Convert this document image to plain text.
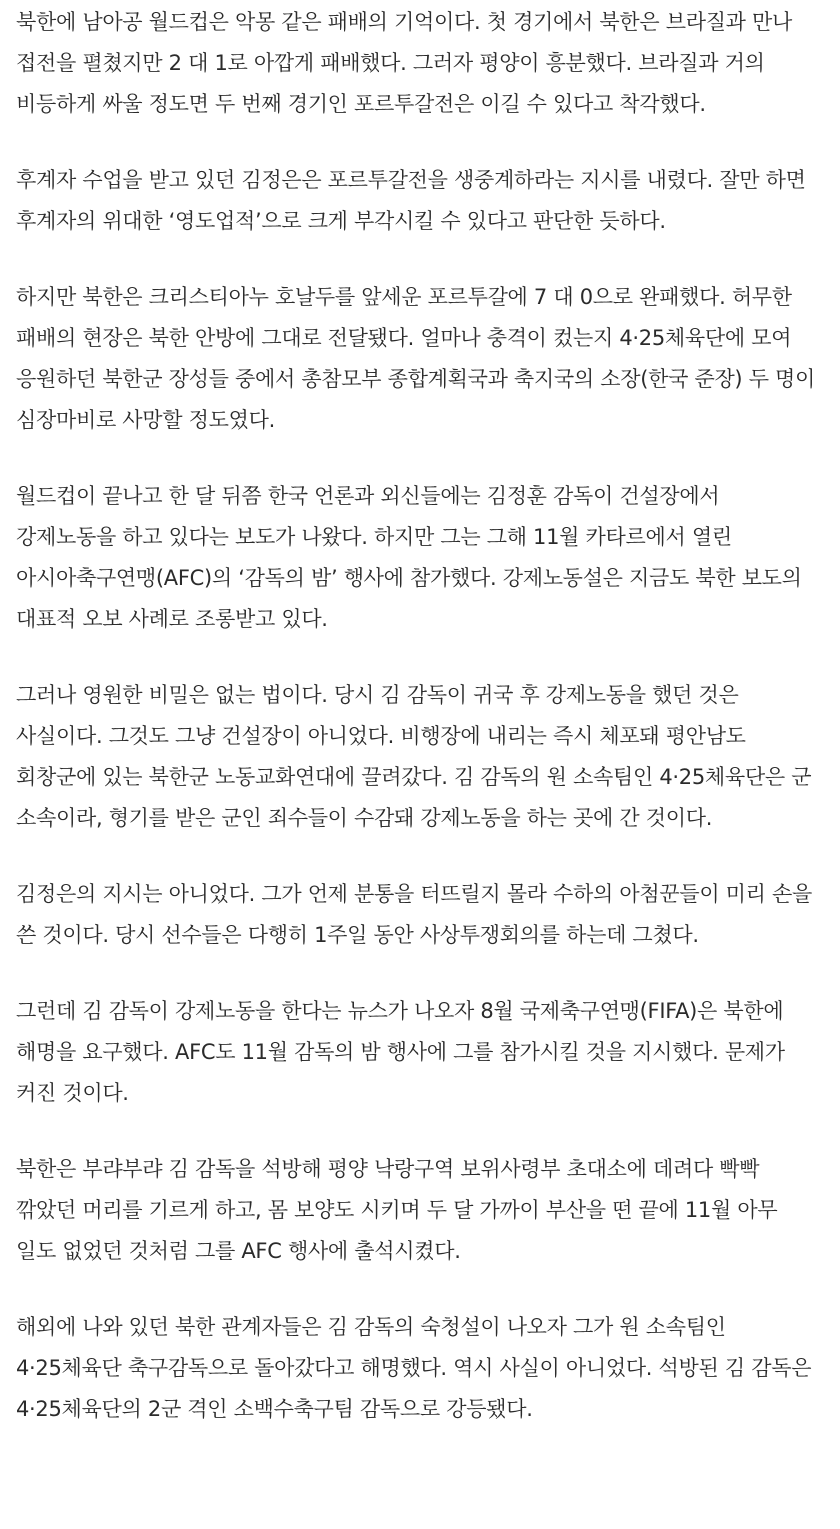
북한에 남아공 월드컵은 악몽 같은 패배의 기억이다. 첫 경기에서 북한은 브라질과 만나 접전을 펼쳤지만 2 대 1로 아깝게 패배했다. 그러자 평양이 흥분했다. 브라질과 거의 비등하게 싸울 정도면 두 번째 경기인 포르투갈전은 이길 수 있다고 착각했다.

후계자 수업을 받고 있던 김정은은 포르투갈전을 생중계하라는 지시를 내렸다. 잘만 하면 후계자의 위대한 ‘영도업적’으로 크게 부각시킬 수 있다고 판단한 듯하다.

하지만 북한은 크리스티아누 호날두를 앞세운 포르투갈에 7 대 0으로 완패했다. 허무한 패배의 현장은 북한 안방에 그대로 전달됐다. 얼마나 충격이 컸는지 4·25체육단에 모여 응원하던 북한군 장성들 중에서 총참모부 종합계획국과 축지국의 소장(한국 준장) 두 명이 심장마비로 사망할 정도였다.

월드컵이 끝나고 한 달 뒤쯤 한국 언론과 외신들에는 김정훈 감독이 건설장에서 강제노동을 하고 있다는 보도가 나왔다. 하지만 그는 그해 11월 카타르에서 열린 아시아축구연맹(AFC)의 ‘감독의 밤’ 행사에 참가했다. 강제노동설은 지금도 북한 보도의 대표적 오보 사례로 조롱받고 있다.

그러나 영원한 비밀은 없는 법이다. 당시 김 감독이 귀국 후 강제노동을 했던 것은 사실이다. 그것도 그냥 건설장이 아니었다. 비행장에 내리는 즉시 체포돼 평안남도 회창군에 있는 북한군 노동교화연대에 끌려갔다. 김 감독의 원 소속팀인 4·25체육단은 군 소속이라, 형기를 받은 군인 죄수들이 수감돼 강제노동을 하는 곳에 간 것이다.

김정은의 지시는 아니었다. 그가 언제 분통을 터뜨릴지 몰라 수하의 아첨꾼들이 미리 손을 쓴 것이다. 당시 선수들은 다행히 1주일 동안 사상투쟁회의를 하는데 그쳤다.

그런데 김 감독이 강제노동을 한다는 뉴스가 나오자 8월 국제축구연맹(FIFA)은 북한에 해명을 요구했다. AFC도 11월 감독의 밤 행사에 그를 참가시킬 것을 지시했다. 문제가 커진 것이다.

북한은 부랴부랴 김 감독을 석방해 평양 낙랑구역 보위사령부 초대소에 데려다 빡빡 깎았던 머리를 기르게 하고, 몸 보양도 시키며 두 달 가까이 부산을 떤 끝에 11월 아무 일도 없었던 것처럼 그를 AFC 행사에 출석시켰다.

해외에 나와 있던 북한 관계자들은 김 감독의 숙청설이 나오자 그가 원 소속팀인 4·25체육단 축구감독으로 돌아갔다고 해명했다. 역시 사실이 아니었다. 석방된 김 감독은 4·25체육단의 2군 격인 소백수축구팀 감독으로 강등됐다.
